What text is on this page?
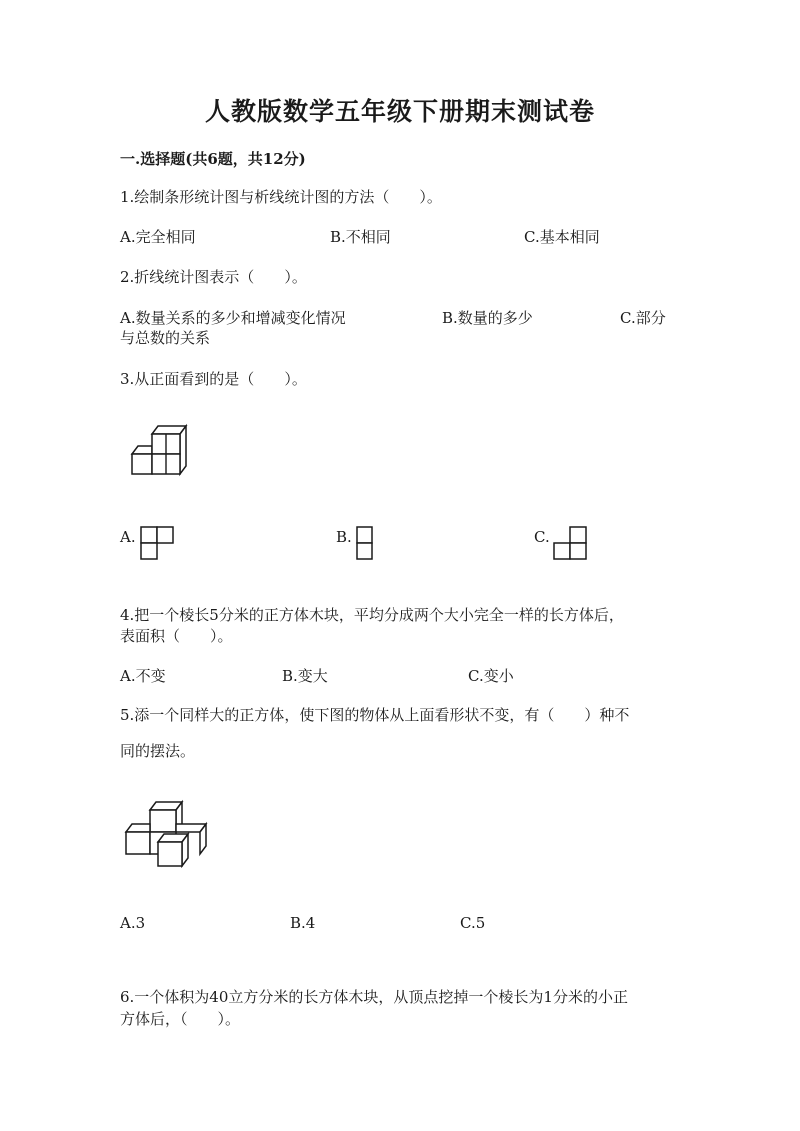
人教版数学五年级下册期末测试卷
一.选择题(共6题，共12分)
1.绘制条形统计图与析线统计图的方法（　　）。
A.完全相同	B.不相同	C.基本相同
2.折线统计图表示（　　）。
A.数量关系的多少和增减变化情况	B.数量的多少	C.部分
与总数的关系
3.从正面看到的是（　　）。
A.	B.	C.
4.把一个棱长5分米的正方体木块，平均分成两个大小完全一样的长方体后，
表面积（　　）。
A.不变	B.变大	C.变小
5.添一个同样大的正方体，使下图的物体从上面看形状不变，有（　　）种不
同的摆法。
A.3	B.4	C.5
6.一个体积为40立方分米的长方体木块，从顶点挖掉一个棱长为1分米的小正
方体后，（　　）。
